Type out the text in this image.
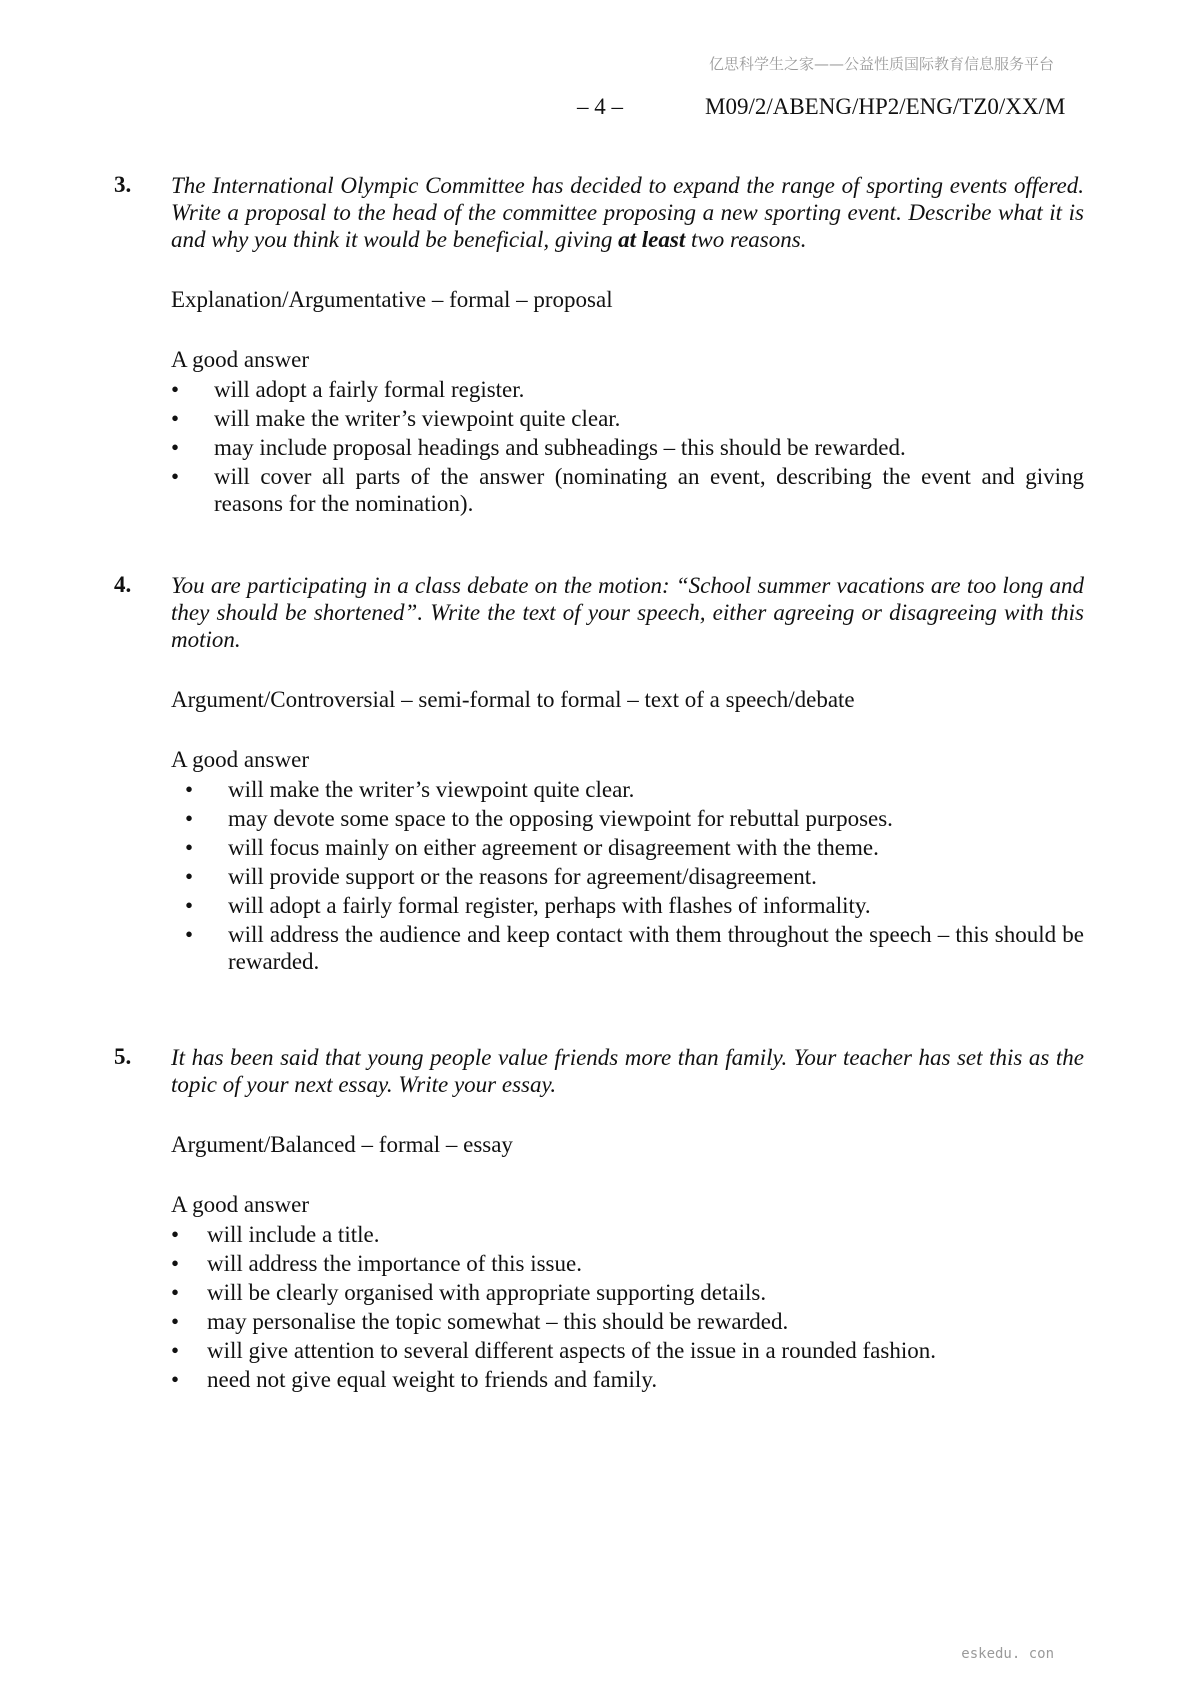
亿思科学生之家——公益性质国际教育信息服务平台
– 4 –	M09/2/ABENG/HP2/ENG/TZ0/XX/M
3. The International Olympic Committee has decided to expand the range of sporting events offered. Write a proposal to the head of the committee proposing a new sporting event. Describe what it is and why you think it would be beneficial, giving at least two reasons.

Explanation/Argumentative – formal – proposal

A good answer

• will adopt a fairly formal register.
• will make the writer’s viewpoint quite clear.
• may include proposal headings and subheadings – this should be rewarded.
• will cover all parts of the answer (nominating an event, describing the event and giving reasons for the nomination).
4. You are participating in a class debate on the motion: “School summer vacations are too long and they should be shortened”. Write the text of your speech, either agreeing or disagreeing with this motion.

Argument/Controversial – semi-formal to formal – text of a speech/debate

A good answer

• will make the writer’s viewpoint quite clear.
• may devote some space to the opposing viewpoint for rebuttal purposes.
• will focus mainly on either agreement or disagreement with the theme.
• will provide support or the reasons for agreement/disagreement.
• will adopt a fairly formal register, perhaps with flashes of informality.
• will address the audience and keep contact with them throughout the speech – this should be rewarded.
5. It has been said that young people value friends more than family. Your teacher has set this as the topic of your next essay. Write your essay.

Argument/Balanced – formal – essay

A good answer

• will include a title.
• will address the importance of this issue.
• will be clearly organised with appropriate supporting details.
• may personalise the topic somewhat – this should be rewarded.
• will give attention to several different aspects of the issue in a rounded fashion.
• need not give equal weight to friends and family.
eskedu. con
